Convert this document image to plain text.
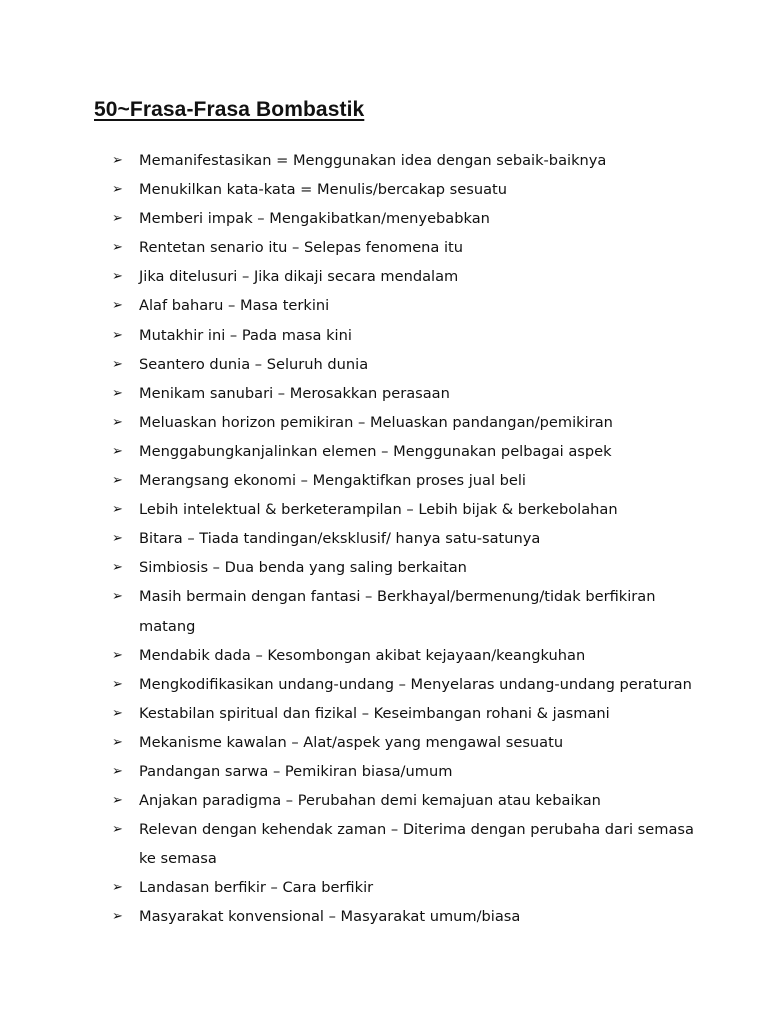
50~Frasa-Frasa Bombastik
➢	Memanifestasikan = Menggunakan idea dengan sebaik-baiknya
➢	Menukilkan kata-kata = Menulis/bercakap sesuatu
➢	Memberi impak – Mengakibatkan/menyebabkan
➢	Rentetan senario itu – Selepas fenomena itu
➢	Jika ditelusuri – Jika dikaji secara mendalam
➢	Alaf baharu – Masa terkini
➢	Mutakhir ini – Pada masa kini
➢	Seantero dunia – Seluruh dunia
➢	Menikam sanubari – Merosakkan perasaan
➢	Meluaskan horizon pemikiran – Meluaskan pandangan/pemikiran
➢	Menggabungkanjalinkan elemen – Menggunakan pelbagai aspek
➢	Merangsang ekonomi – Mengaktifkan proses jual beli
➢	Lebih intelektual & berketerampilan – Lebih bijak & berkebolahan
➢	Bitara – Tiada tandingan/eksklusif/ hanya satu-satunya
➢	Simbiosis – Dua benda yang saling berkaitan
➢	Masih bermain dengan fantasi – Berkhayal/bermenung/tidak berfikiran matang
➢	Mendabik dada – Kesombongan akibat kejayaan/keangkuhan
➢	Mengkodifikasikan undang-undang – Menyelaras undang-undang peraturan
➢	Kestabilan spiritual dan fizikal – Keseimbangan rohani & jasmani
➢	Mekanisme kawalan – Alat/aspek yang mengawal sesuatu
➢	Pandangan sarwa – Pemikiran biasa/umum
➢	Anjakan paradigma – Perubahan demi kemajuan atau kebaikan
➢	Relevan dengan kehendak zaman – Diterima dengan perubaha dari semasa ke semasa
➢	Landasan berfikir – Cara berfikir
➢	Masyarakat konvensional – Masyarakat umum/biasa
